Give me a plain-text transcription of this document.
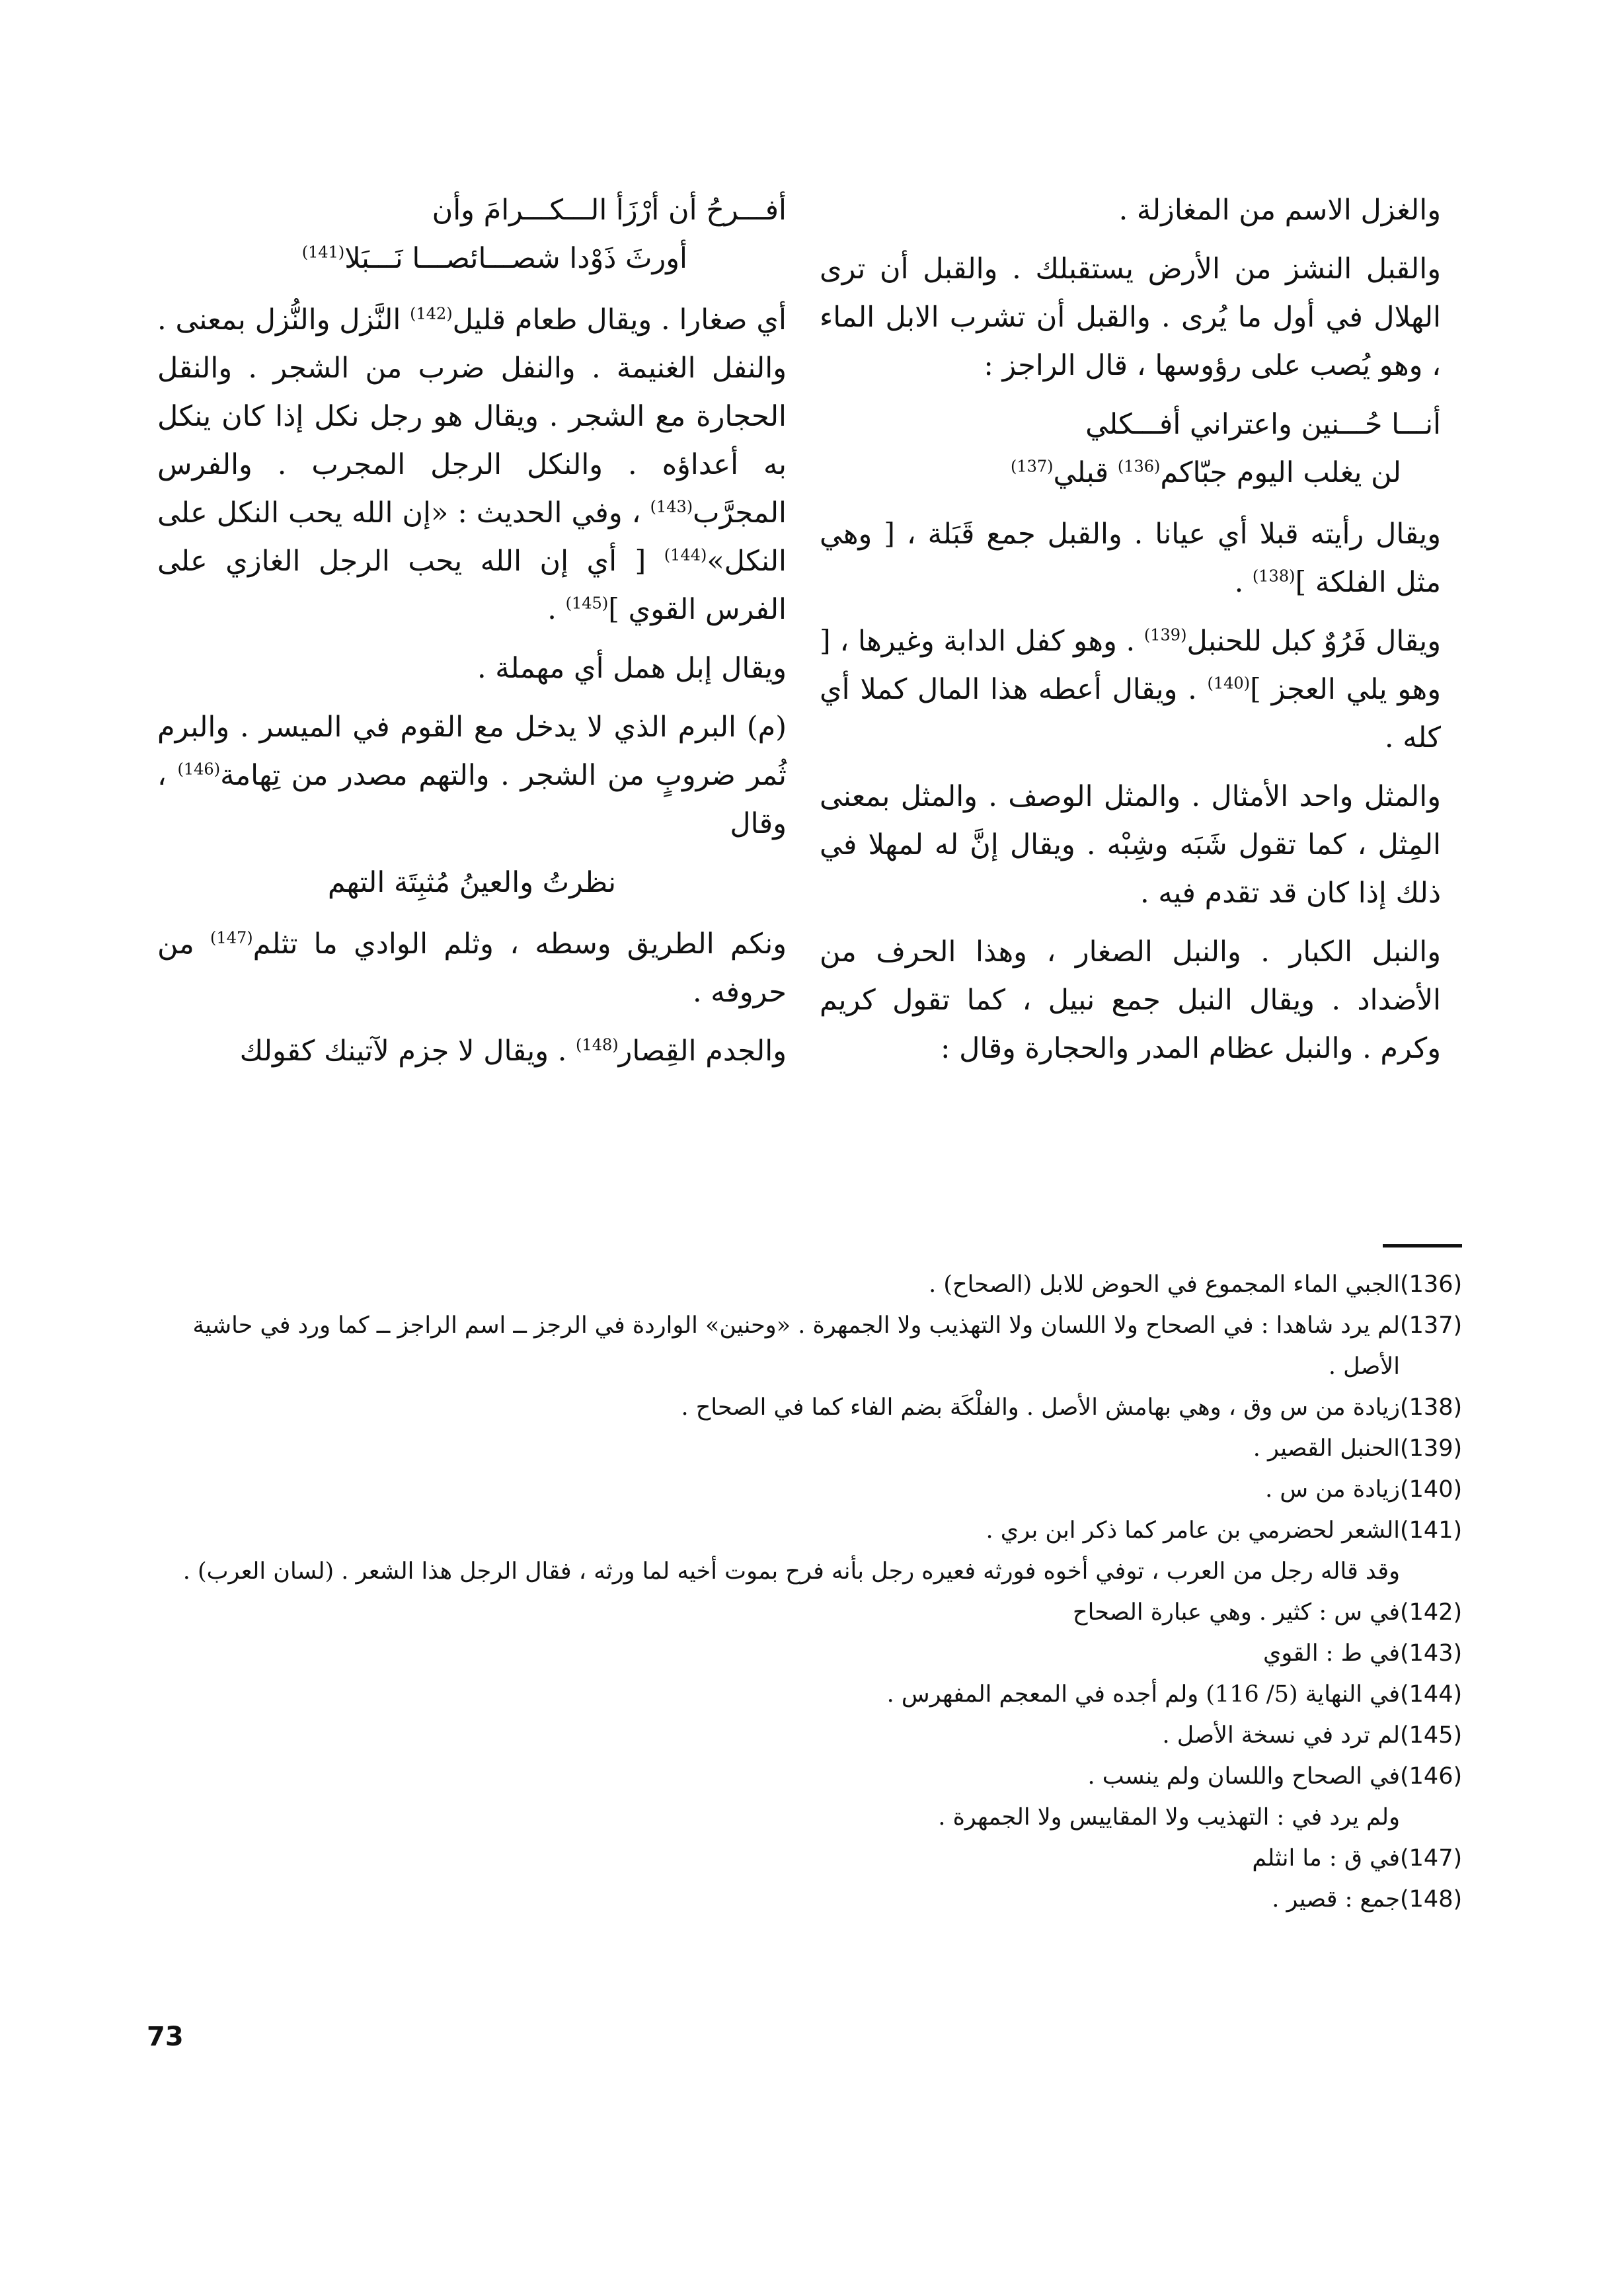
والغزل الاسم من المغازلة .

والقبل النشز من الأرض يستقبلك . والقبل أن ترى الهلال في أول ما يُرى . والقبل أن تشرب الابل الماء ، وهو يُصب على رؤوسها ، قال الراجز :

أنـــا حُـــنين واعتراني أفـــكلي
لن يغلب اليوم جبّاكم$^{(136)}$ قبلي$^{(137)}$

ويقال رأيته قبلا أي عيانا . والقبل جمع قَبَلة ، [ وهي مثل الفلكة ]$^{(138)}$ .

ويقال فَرُوٌ كبل للحنبل$^{(139)}$ . وهو كفل الدابة وغيرها ، [ وهو يلي العجز ]$^{(140)}$ . ويقال أعطه هذا المال كملا أي كله .

والمثل واحد الأمثال . والمثل الوصف . والمثل بمعنى المِثل ، كما تقول شَبَه وشِبْه . ويقال إنَّ له لمهلا في ذلك إذا كان قد تقدم فيه .

والنبل الكبار . والنبل الصغار ، وهذا الحرف من الأضداد . ويقال النبل جمع نبيل ، كما تقول كريم وكرم . والنبل عظام المدر والحجارة وقال :

أفـــرحُ أن أرْزَأ الـــكـــرامَ وأن
أورثَ ذَوْدا شصـــائصـــا نَـــبَلا$^{(141)}$

أي صغارا . ويقال طعام قليل$^{(142)}$ النَّزل والنُّزل بمعنى . والنفل الغنيمة . والنفل ضرب من الشجر . والنقل الحجارة مع الشجر . ويقال هو رجل نكل إذا كان ينكل به أعداؤه . والنكل الرجل المجرب . والفرس المجرَّب$^{(143)}$ ، وفي الحديث : «إن الله يحب النكل على النكل»$^{(144)}$ [ أي إن الله يحب الرجل الغازي على الفرس القوي ]$^{(145)}$ .

ويقال إبل همل أي مهملة .

(م) البرم الذي لا يدخل مع القوم في الميسر . والبرم ثُمر ضروبٍ من الشجر . والتهم مصدر من تِهامة$^{(146)}$ ، وقال

نظرتُ والعينُ مُثبِتَة التهم

ونكم الطريق وسطه ، وثلم الوادي ما تثلم$^{(147)}$ من حروفه .

والجدم القِصار$^{(148)}$ . ويقال لا جزم لآتينك كقولك

(136)
الجبي الماء المجموع في الحوض للابل (الصحاح) .
(137)
لم يرد شاهدا : في الصحاح ولا اللسان ولا التهذيب ولا الجمهرة . «وحنين» الواردة في الرجز ــ اسم الراجز ــ كما ورد في حاشية الأصل .
(138)
زيادة من س وق ، وهي بهامش الأصل . والفلْكَة بضم الفاء كما في الصحاح .
(139)
الحنبل القصير .
(140)
زيادة من س .
(141)
الشعر لحضرمي بن عامر كما ذكر ابن بري .
وقد قاله رجل من العرب ، توفي أخوه فورثه فعيره رجل بأنه فرح بموت أخيه لما ورثه ، فقال الرجل هذا الشعر . (لسان العرب) .
(142)
في س : كثير . وهي عبارة الصحاح
(143)
في ط : القوي
(144)
في النهاية (5/ 116) ولم أجده في المعجم المفهرس .
(145)
لم ترد في نسخة الأصل .
(146)
في الصحاح واللسان ولم ينسب .
ولم يرد في : التهذيب ولا المقاييس ولا الجمهرة .
(147)
في ق : ما انثلم
(148)
جمع : قصير .
73
